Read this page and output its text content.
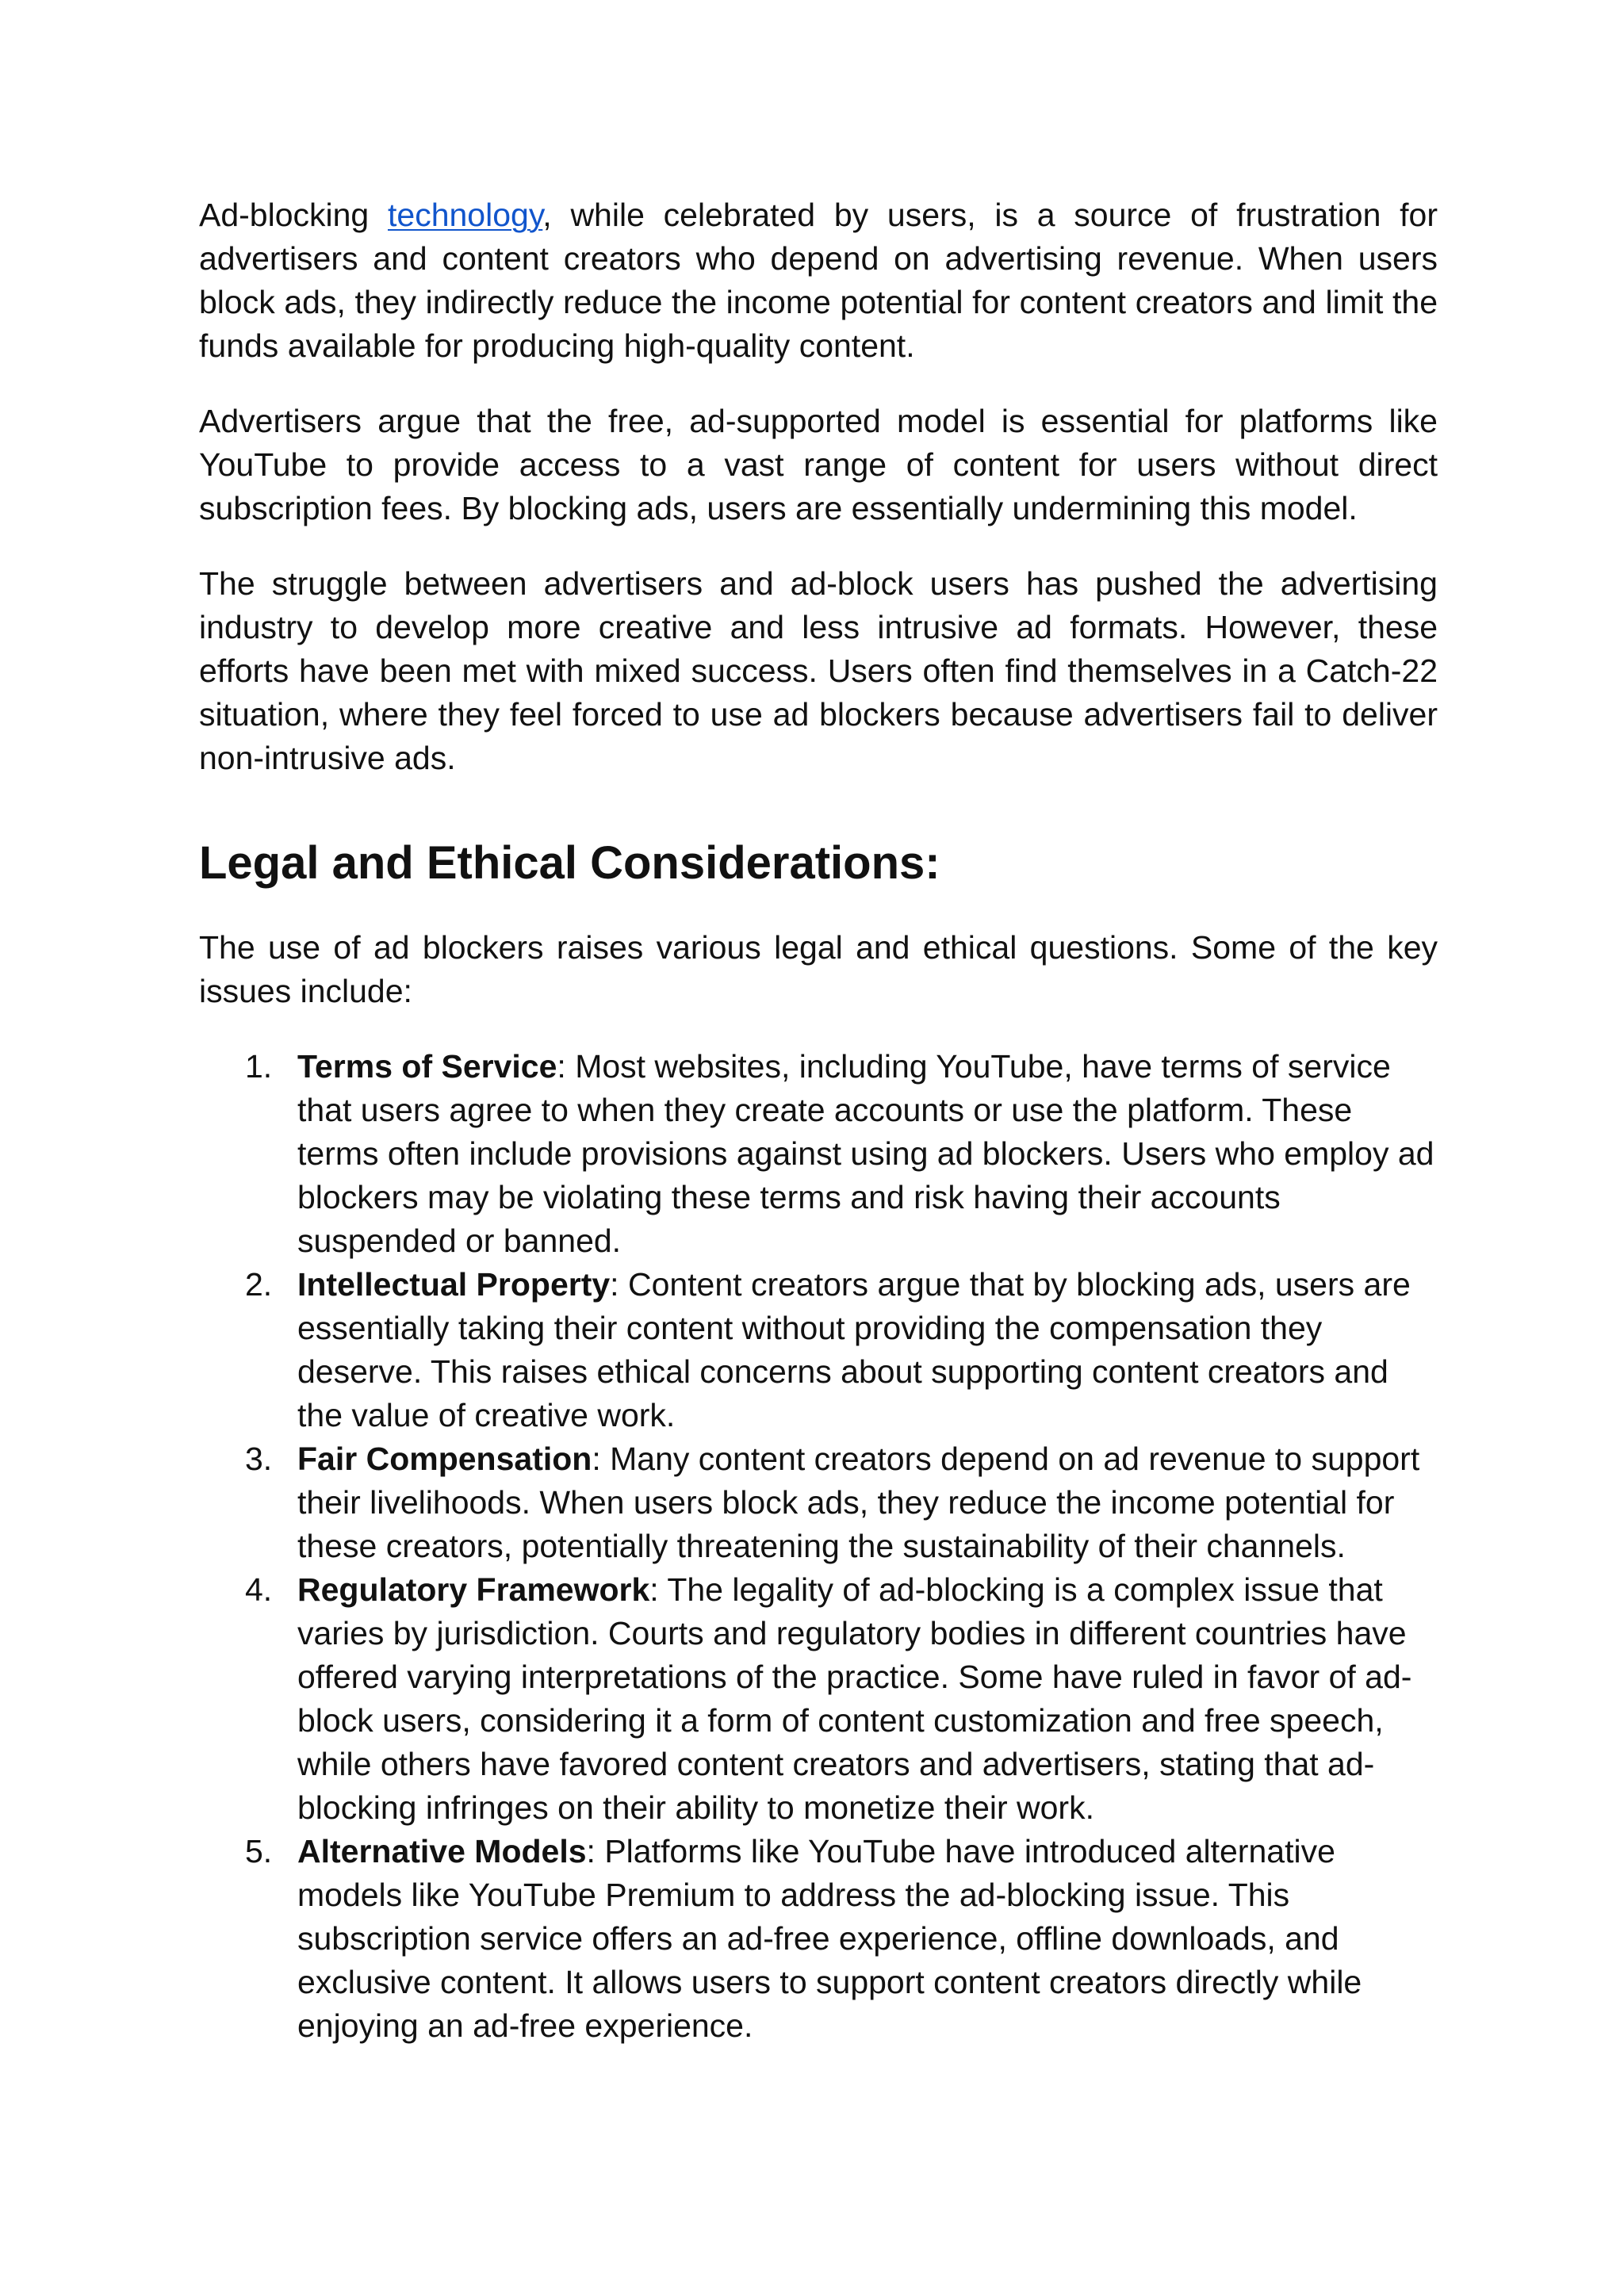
Ad-blocking technology, while celebrated by users, is a source of frustration for advertisers and content creators who depend on advertising revenue. When users block ads, they indirectly reduce the income potential for content creators and limit the funds available for producing high-quality content.

Advertisers argue that the free, ad-supported model is essential for platforms like YouTube to provide access to a vast range of content for users without direct subscription fees. By blocking ads, users are essentially undermining this model.

The struggle between advertisers and ad-block users has pushed the advertising industry to develop more creative and less intrusive ad formats. However, these efforts have been met with mixed success. Users often find themselves in a Catch-22 situation, where they feel forced to use ad blockers because advertisers fail to deliver non-intrusive ads.

Legal and Ethical Considerations:

The use of ad blockers raises various legal and ethical questions. Some of the key issues include:

1. Terms of Service: Most websites, including YouTube, have terms of service that users agree to when they create accounts or use the platform. These terms often include provisions against using ad blockers. Users who employ ad blockers may be violating these terms and risk having their accounts suspended or banned.
2. Intellectual Property: Content creators argue that by blocking ads, users are essentially taking their content without providing the compensation they deserve. This raises ethical concerns about supporting content creators and the value of creative work.
3. Fair Compensation: Many content creators depend on ad revenue to support their livelihoods. When users block ads, they reduce the income potential for these creators, potentially threatening the sustainability of their channels.
4. Regulatory Framework: The legality of ad-blocking is a complex issue that varies by jurisdiction. Courts and regulatory bodies in different countries have offered varying interpretations of the practice. Some have ruled in favor of ad-block users, considering it a form of content customization and free speech, while others have favored content creators and advertisers, stating that ad-blocking infringes on their ability to monetize their work.
5. Alternative Models: Platforms like YouTube have introduced alternative models like YouTube Premium to address the ad-blocking issue. This subscription service offers an ad-free experience, offline downloads, and exclusive content. It allows users to support content creators directly while enjoying an ad-free experience.
